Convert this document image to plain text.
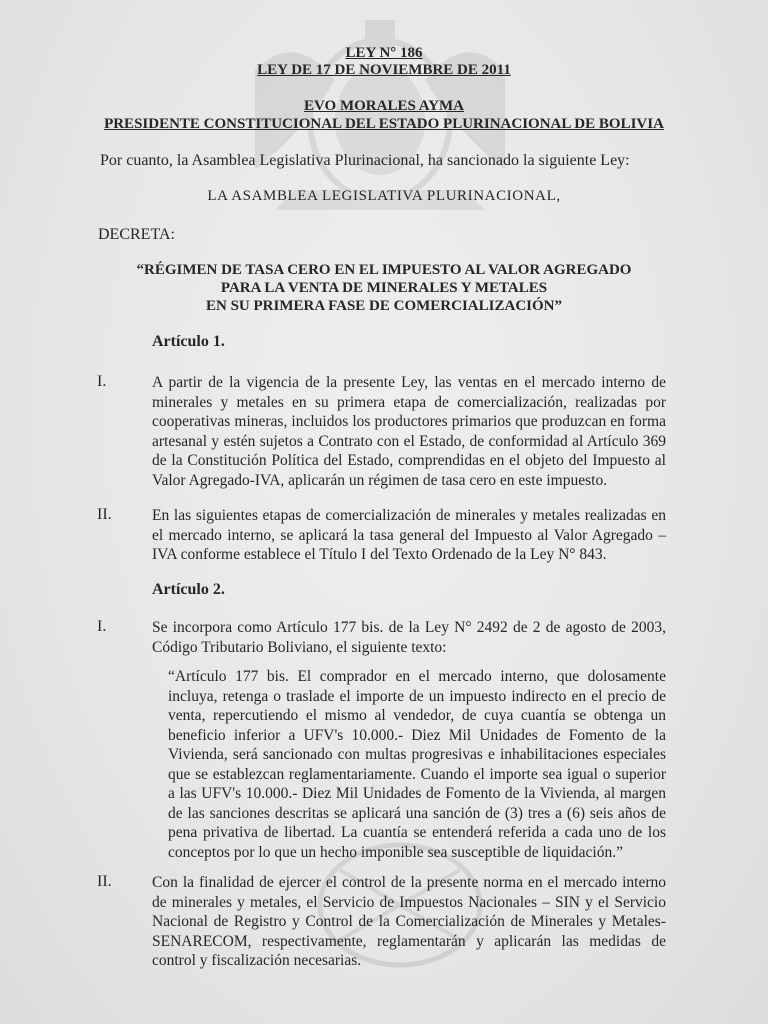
LEY N° 186
LEY DE 17 DE NOVIEMBRE DE 2011
EVO MORALES AYMA
PRESIDENTE CONSTITUCIONAL DEL ESTADO PLURINACIONAL DE BOLIVIA
Por cuanto, la Asamblea Legislativa Plurinacional, ha sancionado la siguiente Ley:
LA ASAMBLEA LEGISLATIVA PLURINACIONAL,
DECRETA:
“RÉGIMEN DE TASA CERO EN EL IMPUESTO AL VALOR AGREGADO
PARA LA VENTA DE MINERALES Y METALES
EN SU PRIMERA FASE DE COMERCIALIZACIÓN”
Artículo 1.
I.	A partir de la vigencia de la presente Ley, las ventas en el mercado interno de minerales y metales en su primera etapa de comercialización, realizadas por cooperativas mineras, incluidos los productores primarios que produzcan en forma artesanal y estén sujetos a Contrato con el Estado, de conformidad al Artículo 369 de la Constitución Política del Estado, comprendidas en el objeto del Impuesto al Valor Agregado-IVA, aplicarán un régimen de tasa cero en este impuesto.
II.	En las siguientes etapas de comercialización de minerales y metales realizadas en el mercado interno, se aplicará la tasa general del Impuesto al Valor Agregado – IVA conforme establece el Título I del Texto Ordenado de la Ley N° 843.
Artículo 2.
I.	Se incorpora como Artículo 177 bis. de la Ley N° 2492 de 2 de agosto de 2003, Código Tributario Boliviano, el siguiente texto:
“Artículo 177 bis. El comprador en el mercado interno, que dolosamente incluya, retenga o traslade el importe de un impuesto indirecto en el precio de venta, repercutiendo el mismo al vendedor, de cuya cuantía se obtenga un beneficio inferior a UFV's 10.000.- Diez Mil Unidades de Fomento de la Vivienda, será sancionado con multas progresivas e inhabilitaciones especiales que se establezcan reglamentariamente. Cuando el importe sea igual o superior a las UFV's 10.000.- Diez Mil Unidades de Fomento de la Vivienda, al margen de las sanciones descritas se aplicará una sanción de (3) tres a (6) seis años de pena privativa de libertad. La cuantía se entenderá referida a cada uno de los conceptos por lo que un hecho imponible sea susceptible de liquidación.”
II.	Con la finalidad de ejercer el control de la presente norma en el mercado interno de minerales y metales, el Servicio de Impuestos Nacionales – SIN y el Servicio Nacional de Registro y Control de la Comercialización de Minerales y Metales-SENARECOM, respectivamente, reglamentarán y aplicarán las medidas de control y fiscalización necesarias.
